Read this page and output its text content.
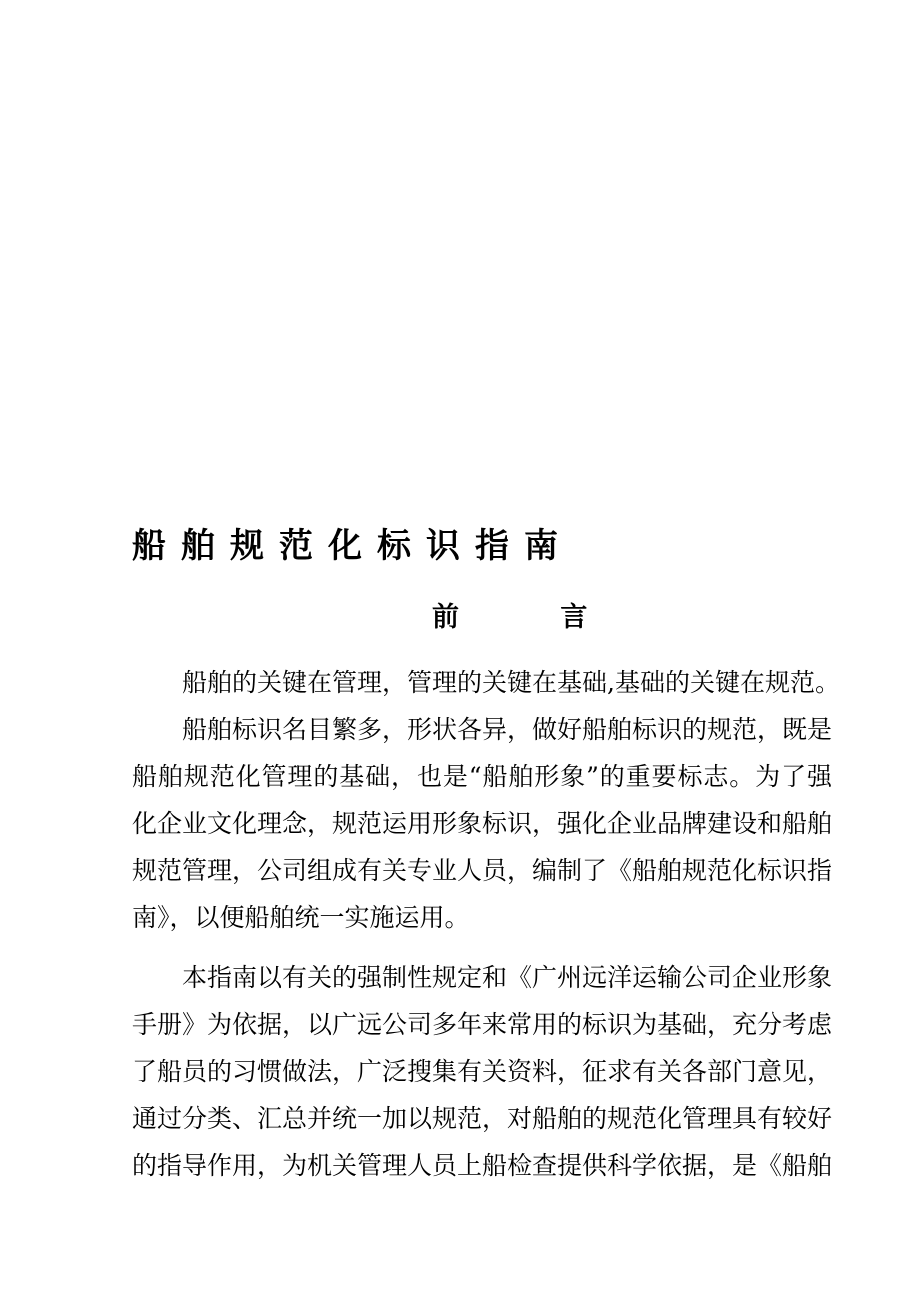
船舶规范化标识指南
前 言
船舶的关键在管理，管理的关键在基础,基础的关键在规范。
船舶标识名目繁多，形状各异，做好船舶标识的规范，既是
船舶规范化管理的基础，也是“船舶形象”的重要标志。为了强
化企业文化理念，规范运用形象标识，强化企业品牌建设和船舶
规范管理，公司组成有关专业人员，编制了《船舶规范化标识指
南》，以便船舶统一实施运用。
本指南以有关的强制性规定和《广州远洋运输公司企业形象
手册》为依据，以广远公司多年来常用的标识为基础，充分考虑
了船员的习惯做法，广泛搜集有关资料，征求有关各部门意见，
通过分类、汇总并统一加以规范，对船舶的规范化管理具有较好
的指导作用，为机关管理人员上船检查提供科学依据，是《船舶
